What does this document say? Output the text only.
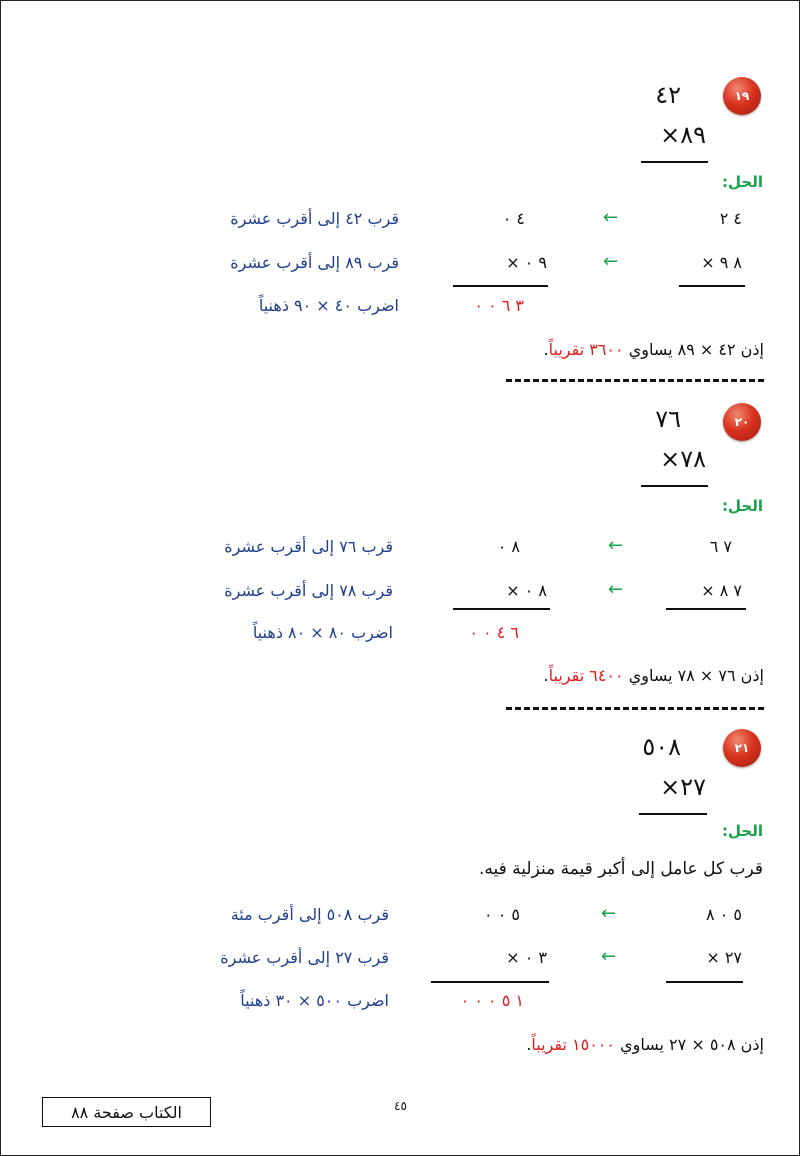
١٩
٤٢
٨٩×
الحل:
٤ ٢
←
٤ ٠
قرب ٤٢ إلى أقرب عشرة
٨ ٩ ×
←
٩ ٠ ×
قرب ٨٩ إلى أقرب عشرة
٣ ٦ ٠ ٠
اضرب ٤٠ × ٩٠ ذهنياً
إذن ٤٢ × ٨٩ يساوي ٣٦٠٠ تقريباً.
٢٠
٧٦
٧٨×
الحل:
٧ ٦
←
٨ ٠
قرب ٧٦ إلى أقرب عشرة
٧ ٨ ×
←
٨ ٠ ×
قرب ٧٨ إلى أقرب عشرة
٦ ٤ ٠ ٠
اضرب ٨٠ × ٨٠ ذهنياً
إذن ٧٦ × ٧٨ يساوي ٦٤٠٠ تقريباً.
٢١
٥٠٨
٢٧×
الحل:
قرب كل عامل إلى أكبر قيمة منزلية فيه.
٥ ٠ ٨
←
٥ ٠ ٠
قرب ٥٠٨ إلى أقرب مئة
٢٧ ×
←
٣ ٠ ×
قرب ٢٧ إلى أقرب عشرة
١ ٥ ٠ ٠ ٠
اضرب ٥٠٠ × ٣٠ ذهنياً
إذن ٥٠٨ × ٢٧ يساوي ١٥٠٠٠ تقريباً.
الكتاب صفحة ٨٨	٤٥
